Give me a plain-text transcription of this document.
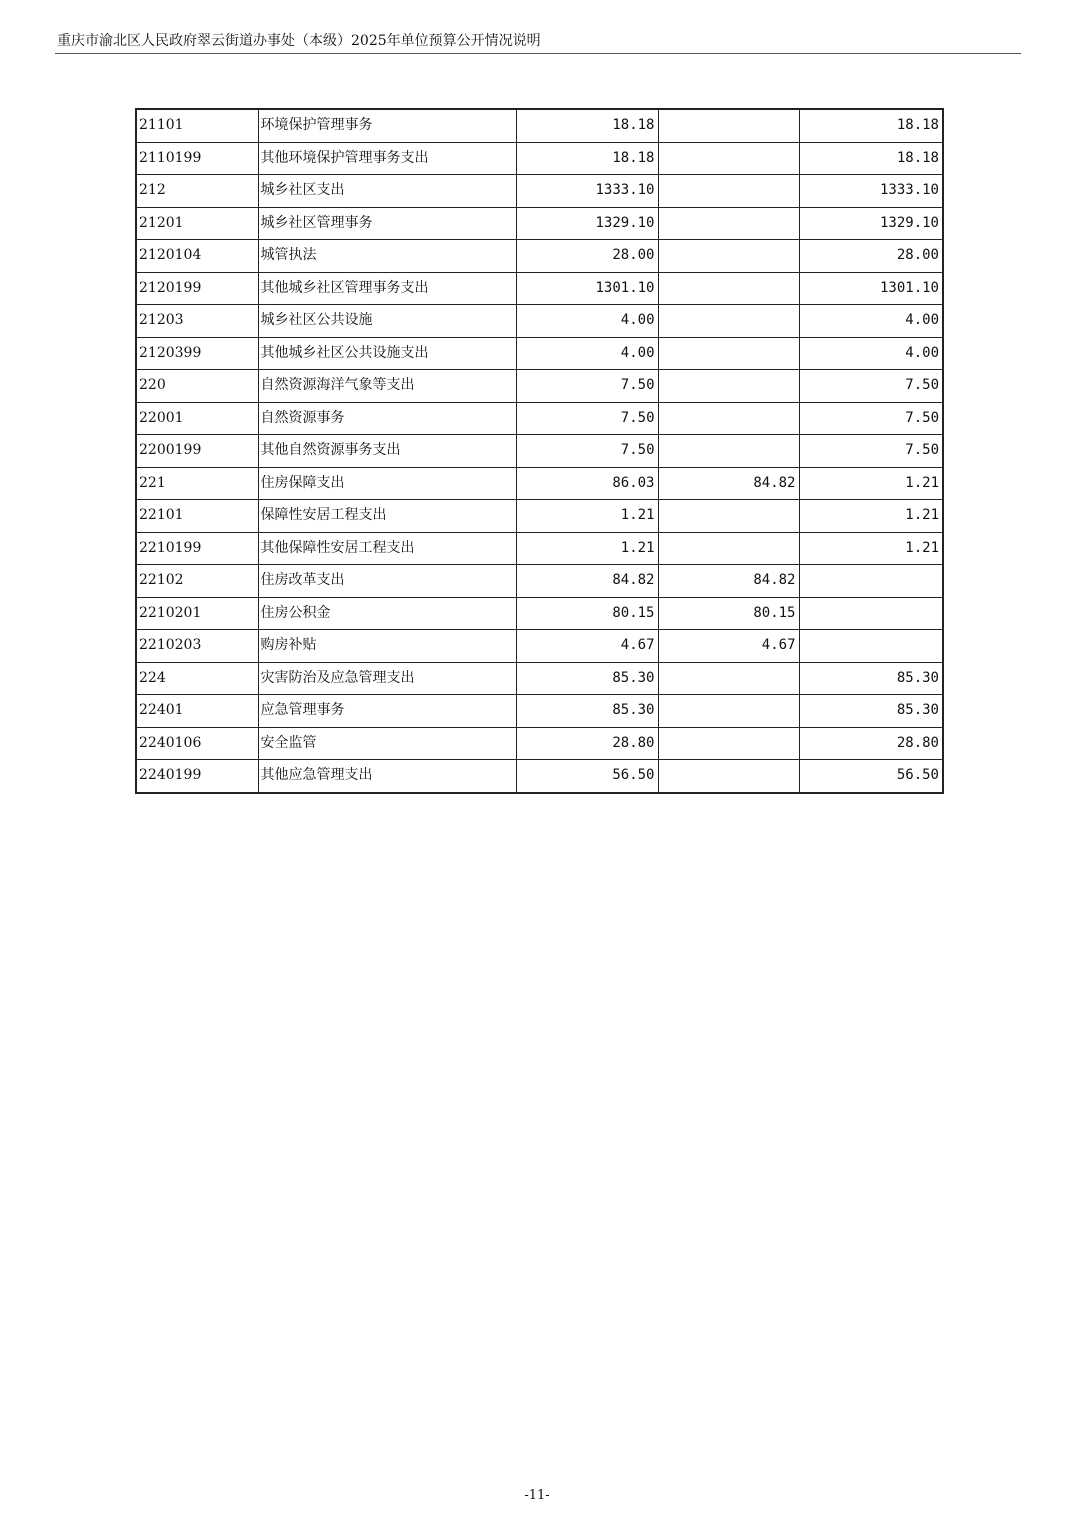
重庆市渝北区人民政府翠云街道办事处（本级）2025年单位预算公开情况说明
21101	环境保护管理事务	18.18		18.18
2110199	其他环境保护管理事务支出	18.18		18.18
212	城乡社区支出	1333.10		1333.10
21201	城乡社区管理事务	1329.10		1329.10
2120104	城管执法	28.00		28.00
2120199	其他城乡社区管理事务支出	1301.10		1301.10
21203	城乡社区公共设施	4.00		4.00
2120399	其他城乡社区公共设施支出	4.00		4.00
220	自然资源海洋气象等支出	7.50		7.50
22001	自然资源事务	7.50		7.50
2200199	其他自然资源事务支出	7.50		7.50
221	住房保障支出	86.03	84.82	1.21
22101	保障性安居工程支出	1.21		1.21
2210199	其他保障性安居工程支出	1.21		1.21
22102	住房改革支出	84.82	84.82	
2210201	住房公积金	80.15	80.15	
2210203	购房补贴	4.67	4.67	
224	灾害防治及应急管理支出	85.30		85.30
22401	应急管理事务	85.30		85.30
2240106	安全监管	28.80		28.80
2240199	其他应急管理支出	56.50		56.50
-11-
